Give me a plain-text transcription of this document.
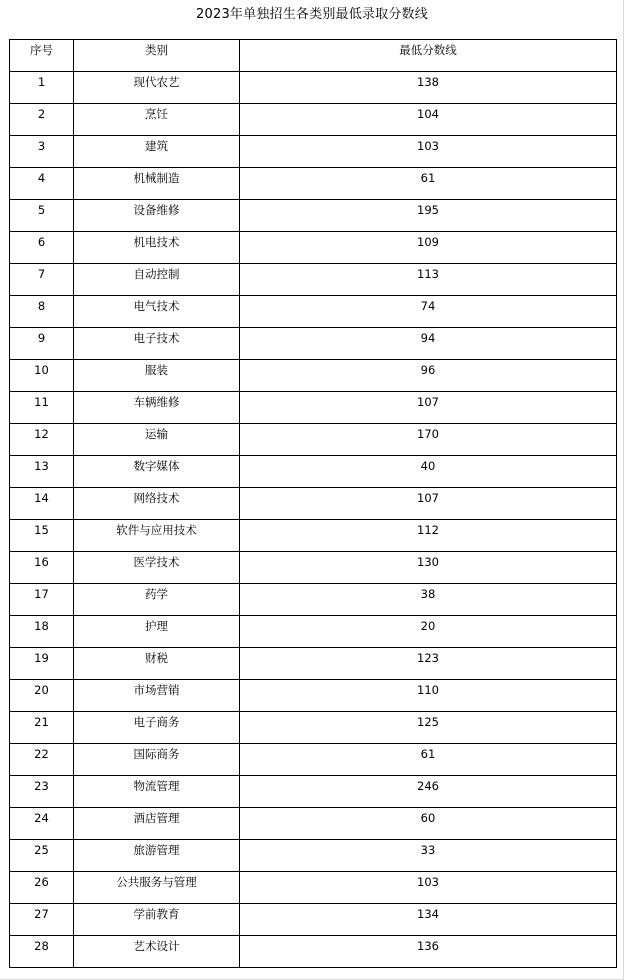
2023年单独招生各类别最低录取分数线
序号	类别	最低分数线
1	现代农艺	138
2	烹饪	104
3	建筑	103
4	机械制造	61
5	设备维修	195
6	机电技术	109
7	自动控制	113
8	电气技术	74
9	电子技术	94
10	服装	96
11	车辆维修	107
12	运输	170
13	数字媒体	40
14	网络技术	107
15	软件与应用技术	112
16	医学技术	130
17	药学	38
18	护理	20
19	财税	123
20	市场营销	110
21	电子商务	125
22	国际商务	61
23	物流管理	246
24	酒店管理	60
25	旅游管理	33
26	公共服务与管理	103
27	学前教育	134
28	艺术设计	136
